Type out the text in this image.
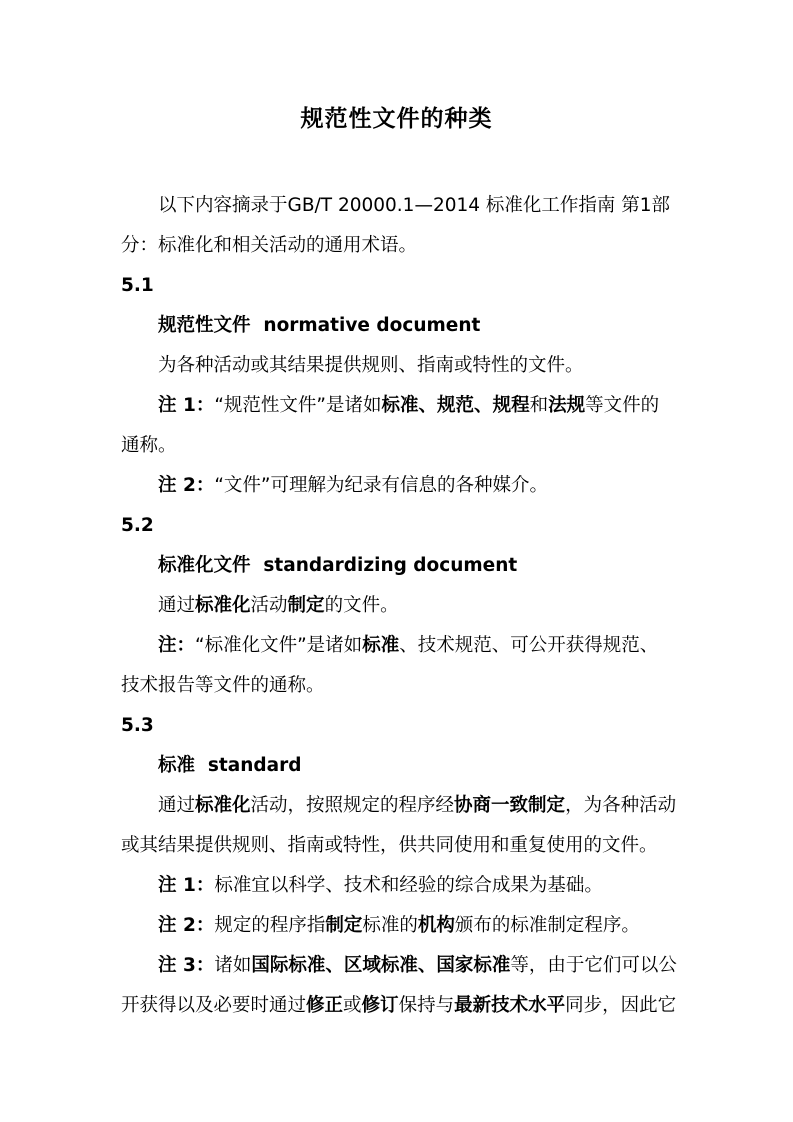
规范性文件的种类

以下内容摘录于GB/T 20000.1—2014 标准化工作指南 第1部

分：标准化和相关活动的通用术语。

5.1

规范性文件 normative document

为各种活动或其结果提供规则、指南或特性的文件。

注 1：“规范性文件”是诸如标准、规范、规程和法规等文件的

通称。

注 2：“文件”可理解为纪录有信息的各种媒介。

5.2

标准化文件 standardizing document

通过标准化活动制定的文件。

注：“标准化文件”是诸如标准、技术规范、可公开获得规范、

技术报告等文件的通称。

5.3

标准 standard

通过标准化活动，按照规定的程序经协商一致制定，为各种活动

或其结果提供规则、指南或特性，供共同使用和重复使用的文件。

注 1：标准宜以科学、技术和经验的综合成果为基础。

注 2：规定的程序指制定标准的机构颁布的标准制定程序。

注 3：诸如国际标准、区域标准、国家标准等，由于它们可以公

开获得以及必要时通过修正或修订保持与最新技术水平同步，因此它
